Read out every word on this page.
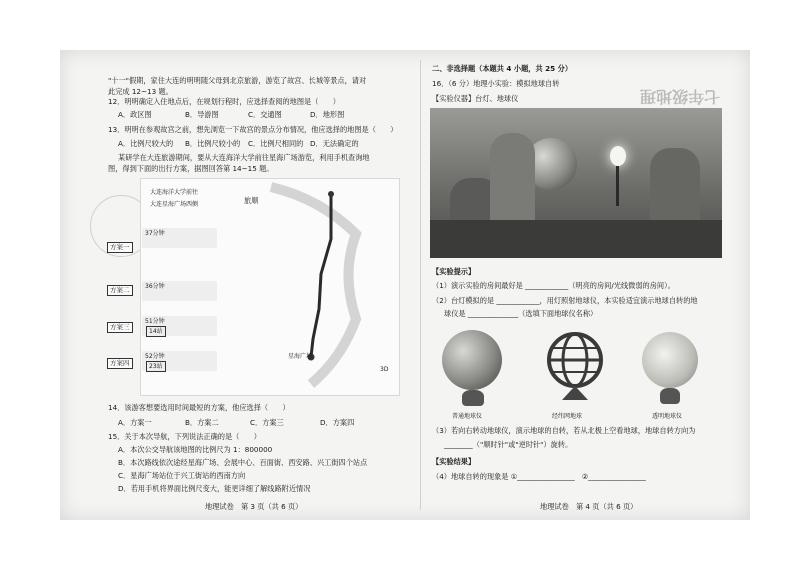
"十一"假期，家住大连的明明随父母到北京旅游，游览了故宫、长城等景点，请对
此完成 12~13 题。
12．明明确定入住地点后，在规划行程时，应选择查阅的地图是（　　）
A．政区图	B．导游图	C．交通图	D．地形图
13．明明在参观故宫之前，想先浏览一下故宫的景点分布情况，他应选择的地图是（　　）
A．比例尺较大的 B．比例尺较小的 C．比例尺相同的 D．无法确定的
某研学在大连旅游期间，要从大连海洋大学前往星海广场游览，利用手机查询地
图，得到下面的出行方案，据图回答第 14~15 题。
大连海洋大学前往
大连星海广场西侧	旅顺
星海广场
3D
37分钟
36分钟
51分钟
52分钟
14站
23站
方案一
方案二
方案三
方案四
14．该游客想要选用时间最短的方案，他应选择（　　）
A．方案一	B．方案二	C．方案三	D．方案四
15．关于本次导航，下列说法正确的是（　　）
A．本次公交导航该地图的比例尺为 1：800000
B．本次路线依次途经星海广场、会展中心、百面街、西安路、兴工街四个站点
C．星海广场站位于兴工街站的西南方向
D．若用手机将界面比例尺变大，能更详细了解线路附近情况
地理试卷　第 3 页（共 6 页）
七年级地理
二、非选择题（本题共 4 小题，共 25 分）
16．（6 分）地理小实验：模拟地球自转
【实验仪器】台灯、地球仪
【实验提示】
（1）演示实验的房间最好是 ____________（明亮的房间/光线微弱的房间）。
（2）台灯模拟的是 ____________，用灯照射地球仪，本实验适宜演示地球自转的地
球仪是 ______________（选填下面地球仪名称）
普通地球仪	经纬网地球	透明地球仪
（3）若向右转动地球仪，演示地球的自转，若从北极上空看地球，地球自转方向为
________（"顺时针"或"逆时针"）旋转。
【实验结果】
（4）地球自转的现象是 ①________________　②________________
地理试卷　第 4 页（共 6 页）
